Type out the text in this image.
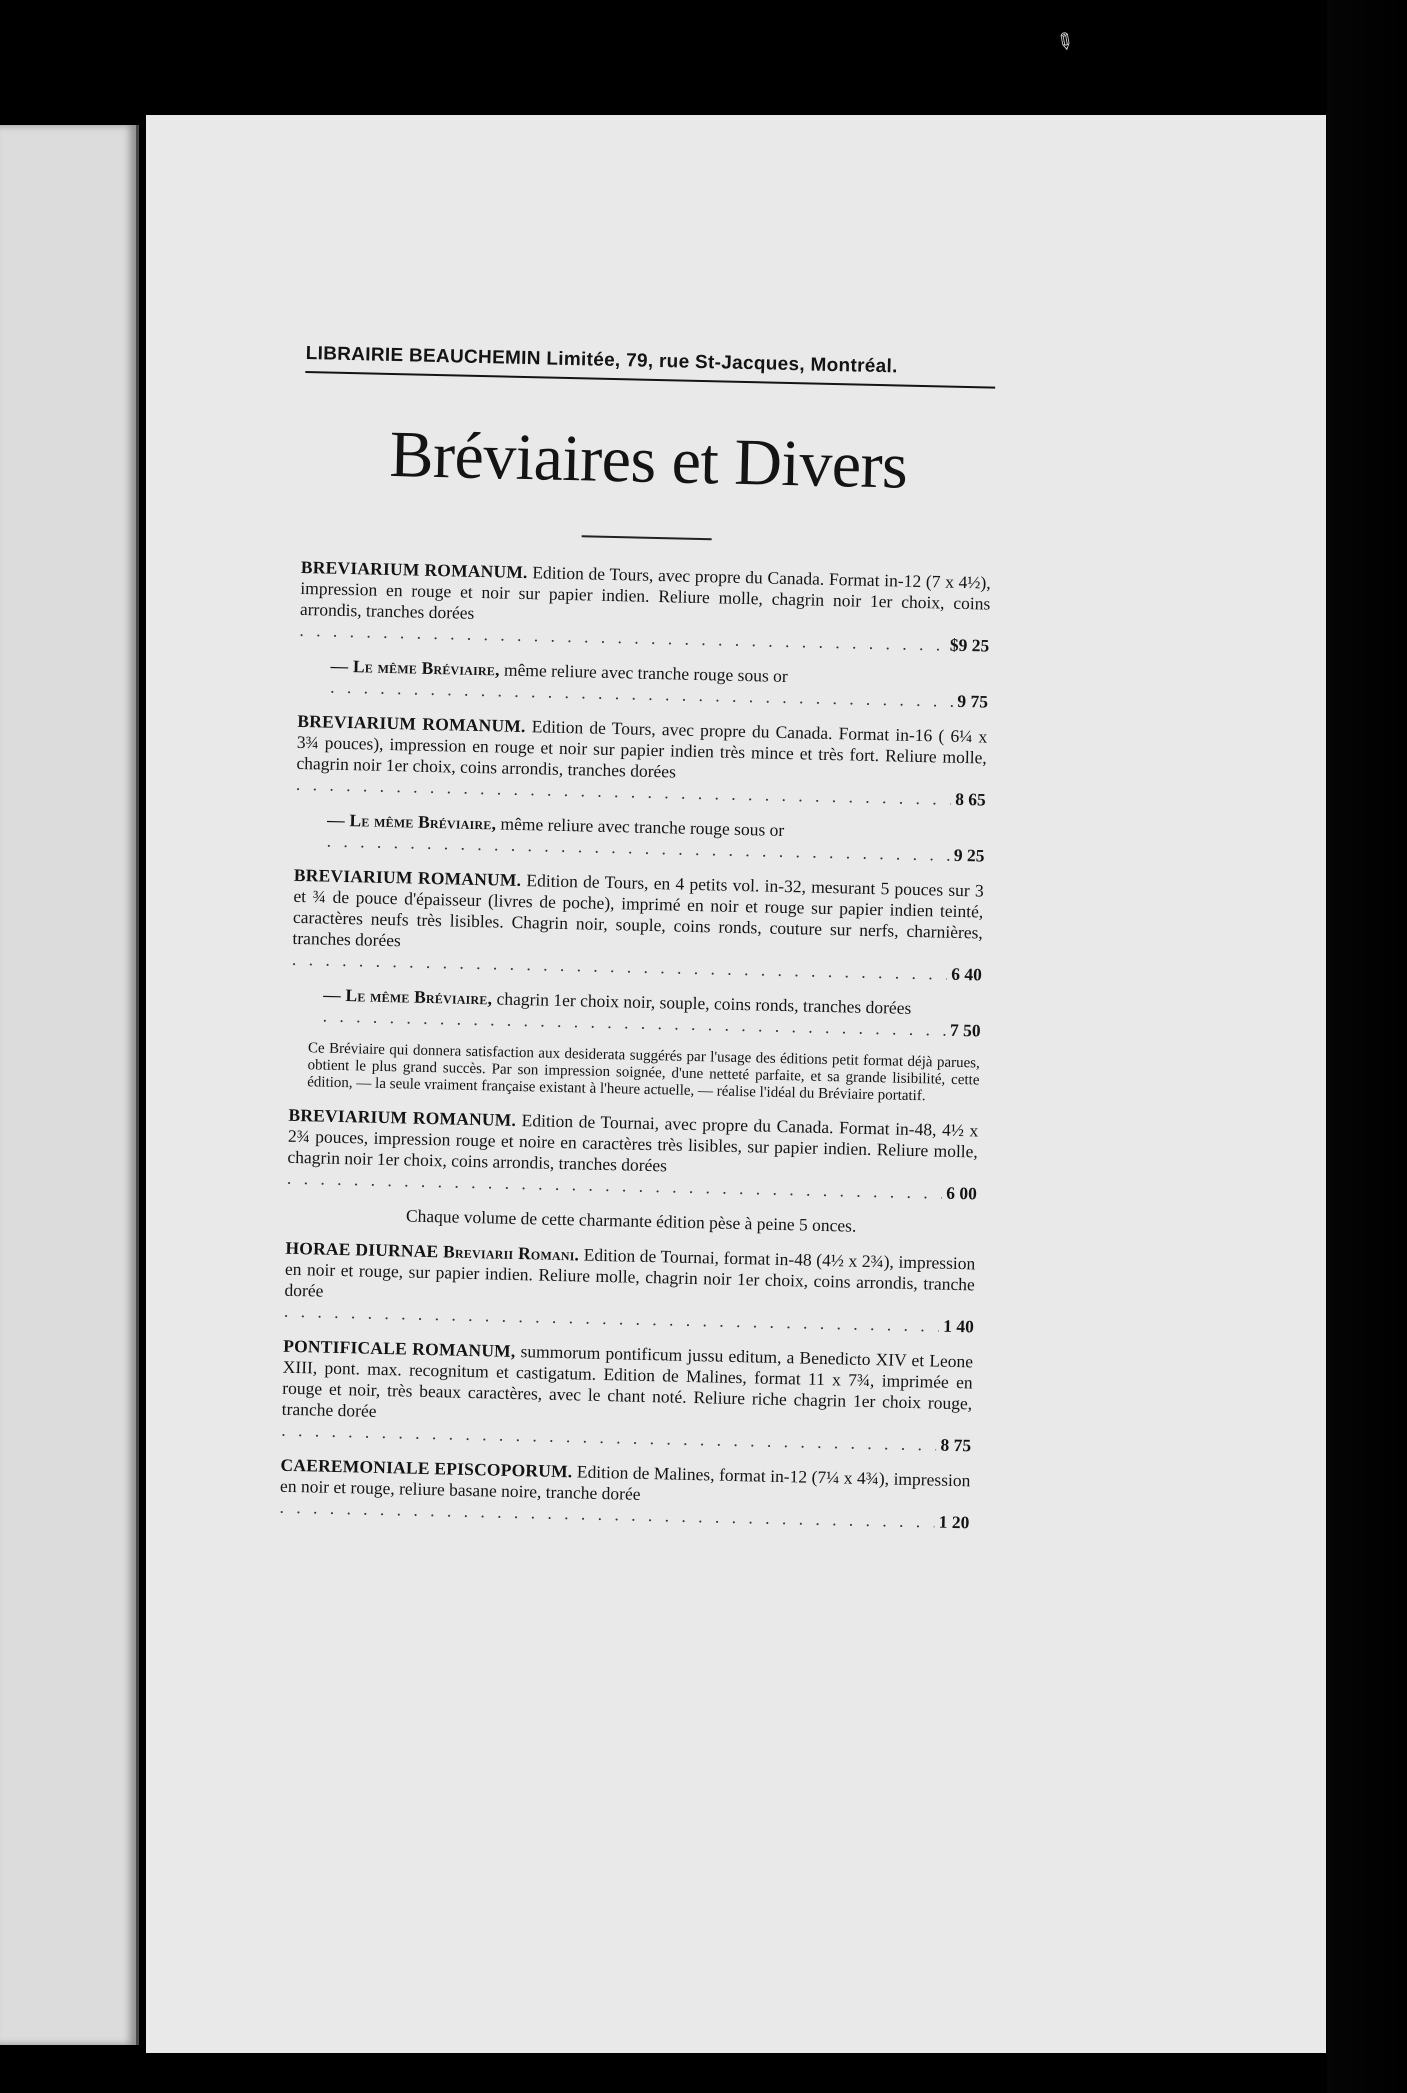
✎
LIBRAIRIE BEAUCHEMIN Limitée, 79, rue St-Jacques, Montréal.
Bréviaires et Divers
BREVIARIUM ROMANUM. Edition de Tours, avec propre du Canada. Format in-12 (7 x 4½), impression en rouge et noir sur papier indien. Reliure molle, chagrin noir 1er choix, coins arrondis, tranches dorées
. . .
$9 25
— Le même Bréviaire, même reliure avec tranche rouge sous or
. . .
9 75
BREVIARIUM ROMANUM. Edition de Tours, avec propre du Canada. Format in-16 ( 6¼ x 3¾ pouces), impression en rouge et noir sur papier indien très mince et très fort. Reliure molle, chagrin noir 1er choix, coins arrondis, tranches dorées
. . .
8 65
— Le même Bréviaire, même reliure avec tranche rouge sous or
. . .
9 25
BREVIARIUM ROMANUM. Edition de Tours, en 4 petits vol. in-32, mesurant 5 pouces sur 3 et ¾ de pouce d'épaisseur (livres de poche), imprimé en noir et rouge sur papier indien teinté, caractères neufs très lisibles. Chagrin noir, souple, coins ronds, couture sur nerfs, charnières, tranches dorées
. . .
6 40
— Le même Bréviaire, chagrin 1er choix noir, souple, coins ronds, tranches dorées
. . .
7 50
Ce Bréviaire qui donnera satisfaction aux desiderata suggérés par l'usage des éditions petit format déjà parues, obtient le plus grand succès. Par son impression soignée, d'une netteté parfaite, et sa grande lisibilité, cette édition, — la seule vraiment française existant à l'heure actuelle, — réalise l'idéal du Bréviaire portatif.
BREVIARIUM ROMANUM. Edition de Tournai, avec propre du Canada. Format in-48, 4½ x 2¾ pouces, impression rouge et noire en caractères très lisibles, sur papier indien. Reliure molle, chagrin noir 1er choix, coins arrondis, tranches dorées
. . .
6 00
Chaque volume de cette charmante édition pèse à peine 5 onces.
HORAE DIURNAE Breviarii Romani. Edition de Tournai, format in-48 (4½ x 2¾), impression en noir et rouge, sur papier indien. Reliure molle, chagrin noir 1er choix, coins arrondis, tranche dorée
. . .
1 40
PONTIFICALE ROMANUM, summorum pontificum jussu editum, a Benedicto XIV et Leone XIII, pont. max. recognitum et castigatum. Edition de Malines, format 11 x 7¾, imprimée en rouge et noir, très beaux caractères, avec le chant noté. Reliure riche chagrin 1er choix rouge, tranche dorée
. . .
8 75
CAEREMONIALE EPISCOPORUM. Edition de Malines, format in-12 (7¼ x 4¾), impression en noir et rouge, reliure basane noire, tranche dorée
. . .
1 20
